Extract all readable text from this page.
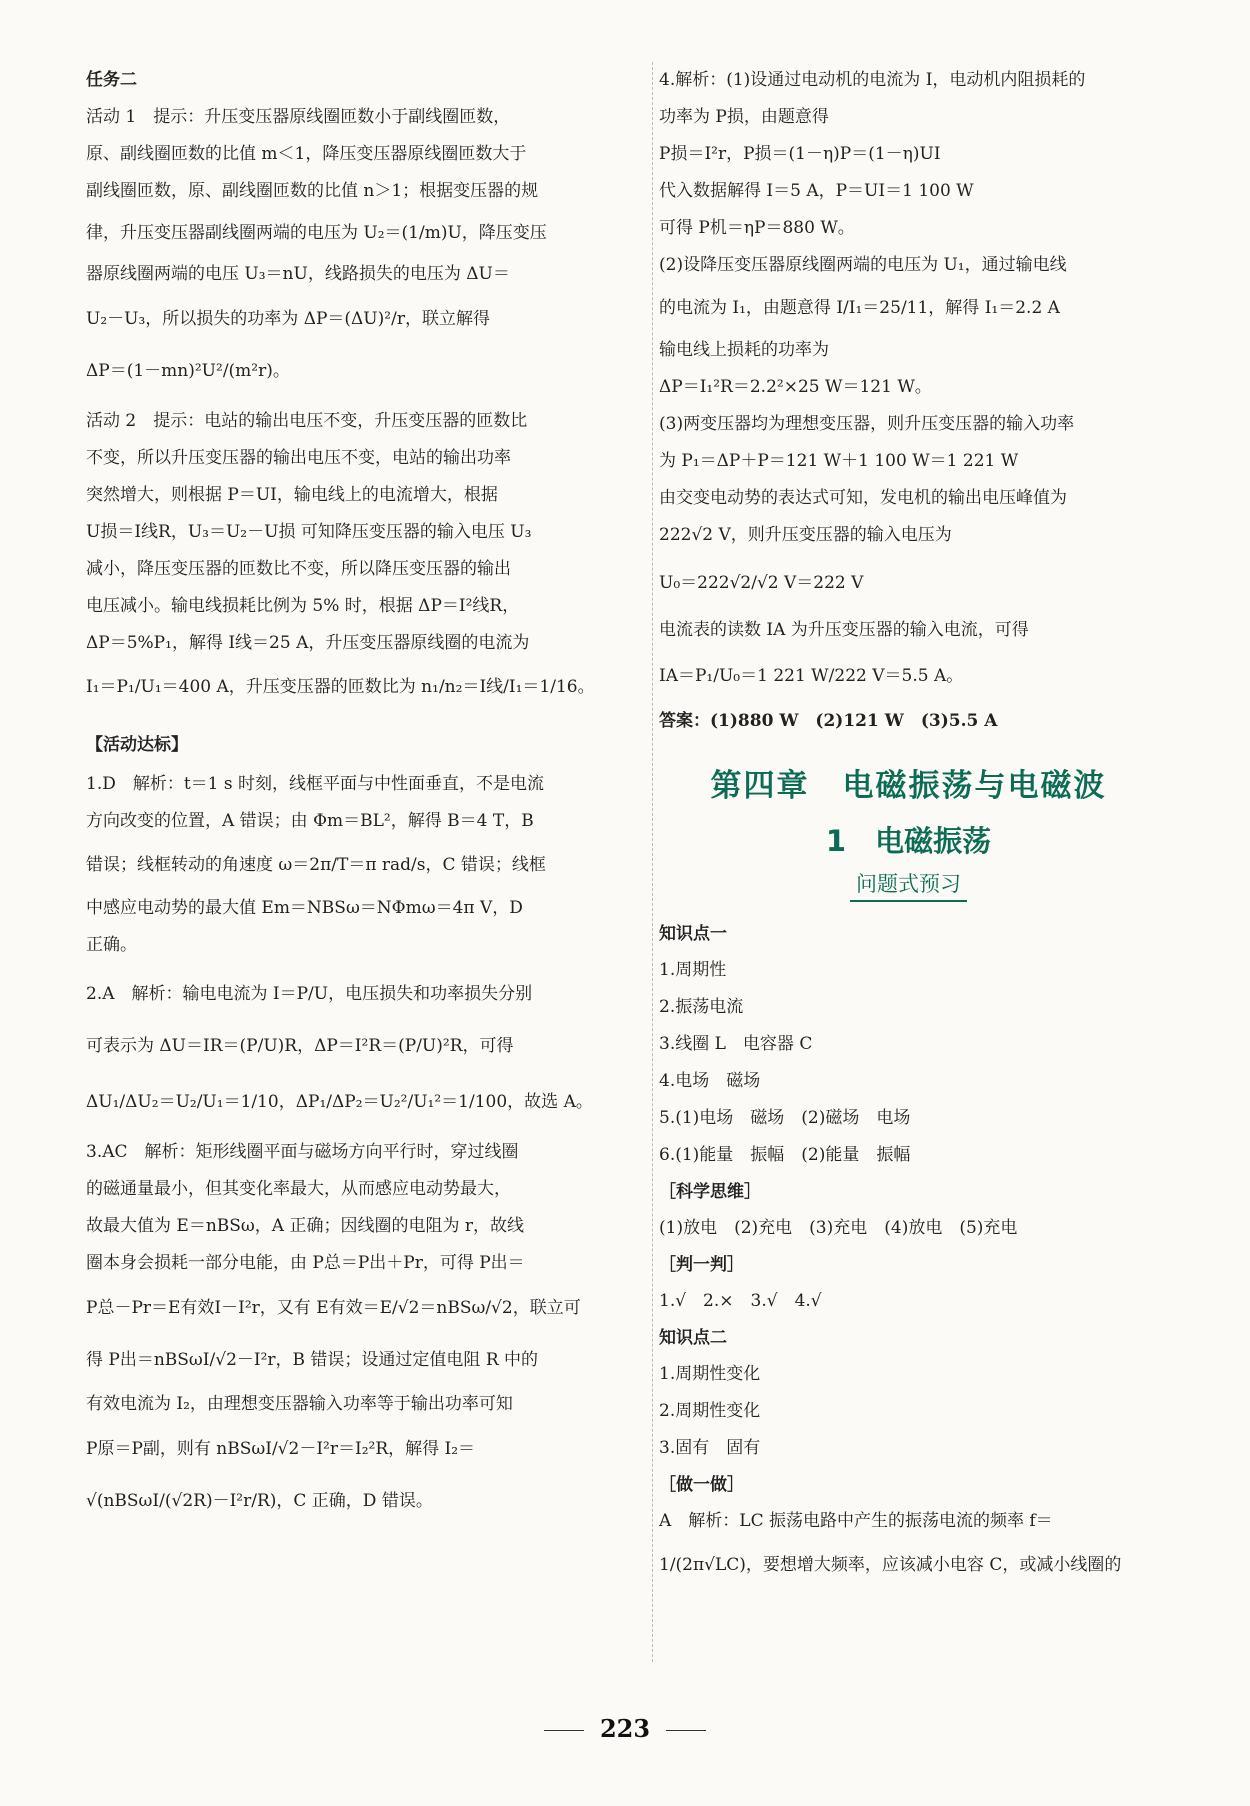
任务二
活动 1　提示：升压变压器原线圈匝数小于副线圈匝数，
原、副线圈匝数的比值 m＜1，降压变压器原线圈匝数大于
副线圈匝数，原、副线圈匝数的比值 n＞1；根据变压器的规
律，升压变压器副线圈两端的电压为 U₂＝(1/m)U，降压变压
器原线圈两端的电压 U₃＝nU，线路损失的电压为 ΔU＝
U₂－U₃，所以损失的功率为 ΔP＝(ΔU)²/r，联立解得
ΔP＝(1－mn)²U²/(m²r)。
活动 2　提示：电站的输出电压不变，升压变压器的匝数比
不变，所以升压变压器的输出电压不变，电站的输出功率
突然增大，则根据 P＝UI，输电线上的电流增大，根据
U损＝I线R，U₃＝U₂－U损 可知降压变压器的输入电压 U₃
减小，降压变压器的匝数比不变，所以降压变压器的输出
电压减小。输电线损耗比例为 5% 时，根据 ΔP＝I²线R，
ΔP＝5%P₁，解得 I线＝25 A，升压变压器原线圈的电流为
I₁＝P₁/U₁＝400 A，升压变压器的匝数比为 n₁/n₂＝I线/I₁＝1/16。
【活动达标】
1.D　解析：t＝1 s 时刻，线框平面与中性面垂直，不是电流
方向改变的位置，A 错误；由 Φm＝BL²，解得 B＝4 T，B
错误；线框转动的角速度 ω＝2π/T＝π rad/s，C 错误；线框
中感应电动势的最大值 Em＝NBSω＝NΦmω＝4π V，D
正确。
2.A　解析：输电电流为 I＝P/U，电压损失和功率损失分别
可表示为 ΔU＝IR＝(P/U)R，ΔP＝I²R＝(P/U)²R，可得
ΔU₁/ΔU₂＝U₂/U₁＝1/10，ΔP₁/ΔP₂＝U₂²/U₁²＝1/100，故选 A。
3.AC　解析：矩形线圈平面与磁场方向平行时，穿过线圈
的磁通量最小，但其变化率最大，从而感应电动势最大，
故最大值为 E＝nBSω，A 正确；因线圈的电阻为 r，故线
圈本身会损耗一部分电能，由 P总＝P出＋Pr，可得 P出＝
P总－Pr＝E有效I－I²r，又有 E有效＝E/√2＝nBSω/√2，联立可
得 P出＝nBSωI/√2－I²r，B 错误；设通过定值电阻 R 中的
有效电流为 I₂，由理想变压器输入功率等于输出功率可知
P原＝P副，则有 nBSωI/√2－I²r＝I₂²R，解得 I₂＝
√(nBSωI/(√2R)－I²r/R)，C 正确，D 错误。
4.解析：(1)设通过电动机的电流为 I，电动机内阻损耗的
功率为 P损，由题意得
P损＝I²r，P损＝(1－η)P＝(1－η)UI
代入数据解得 I＝5 A，P＝UI＝1 100 W
可得 P机＝ηP＝880 W。
(2)设降压变压器原线圈两端的电压为 U₁，通过输电线
的电流为 I₁，由题意得 I/I₁＝25/11，解得 I₁＝2.2 A
输电线上损耗的功率为
ΔP＝I₁²R＝2.2²×25 W＝121 W。
(3)两变压器均为理想变压器，则升压变压器的输入功率
为 P₁＝ΔP＋P＝121 W＋1 100 W＝1 221 W
由交变电动势的表达式可知，发电机的输出电压峰值为
222√2 V，则升压变压器的输入电压为
U₀＝222√2/√2 V＝222 V
电流表的读数 IA 为升压变压器的输入电流，可得
IA＝P₁/U₀＝1 221 W/222 V＝5.5 A。
答案：(1)880 W　(2)121 W　(3)5.5 A
第四章　电磁振荡与电磁波
1　电磁振荡
问题式预习
知识点一
1.周期性
2.振荡电流
3.线圈 L　电容器 C
4.电场　磁场
5.(1)电场　磁场　(2)磁场　电场
6.(1)能量　振幅　(2)能量　振幅
［科学思维］
(1)放电　(2)充电　(3)充电　(4)放电　(5)充电
［判一判］
1.√　2.×　3.√　4.√
知识点二
1.周期性变化
2.周期性变化
3.固有　固有
［做一做］
A　解析：LC 振荡电路中产生的振荡电流的频率 f＝
1/(2π√LC)，要想增大频率，应该减小电容 C，或减小线圈的
223
